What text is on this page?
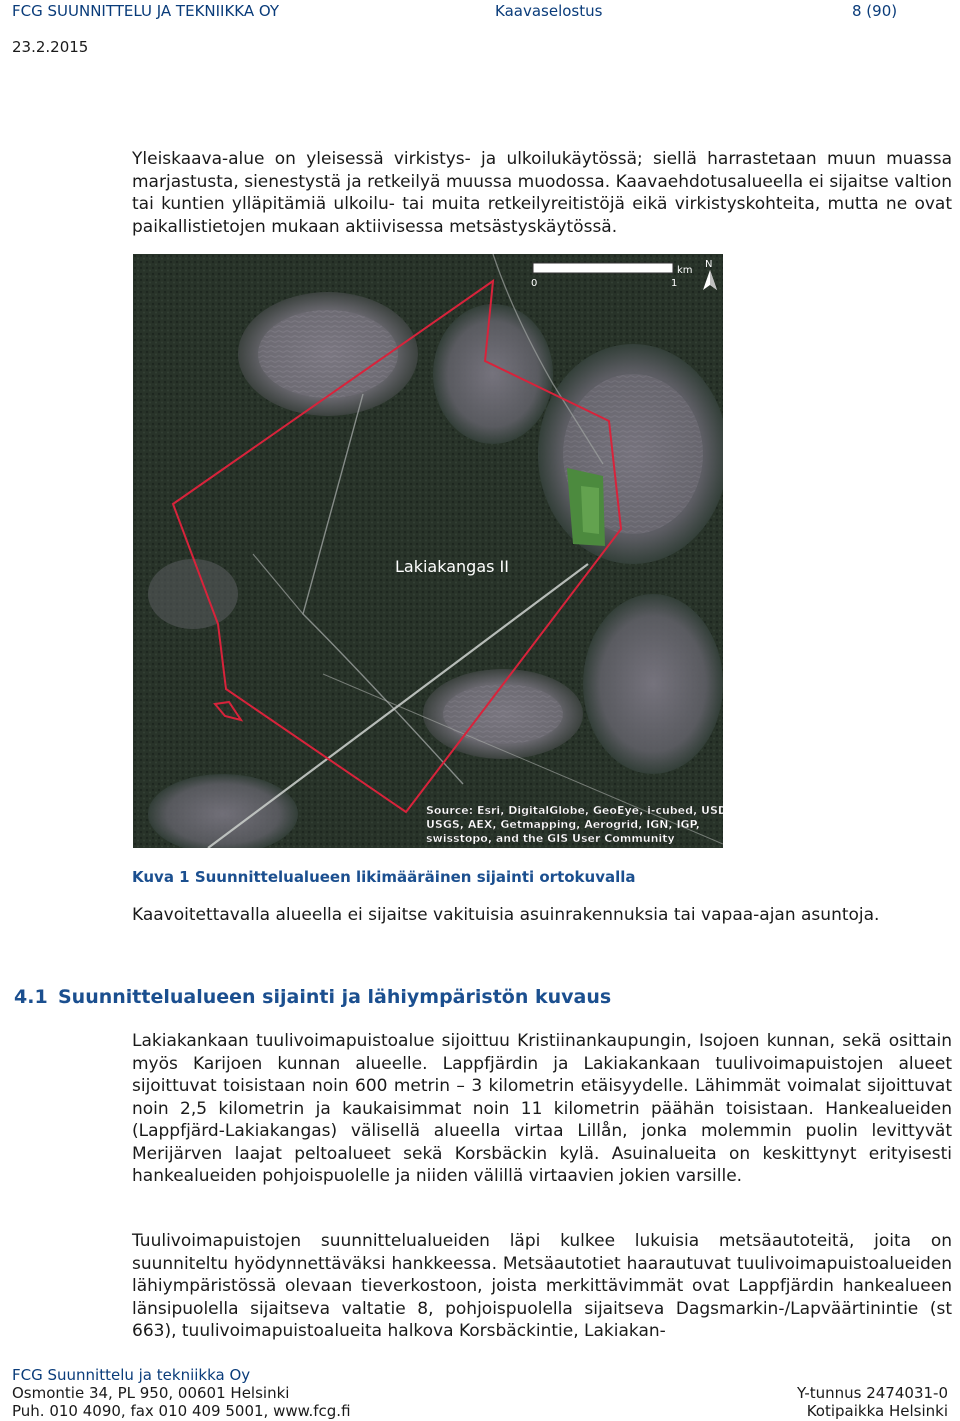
FCG SUUNNITTELU JA TEKNIIKKA OY	Kaavaselostus	8 (90)
23.2.2015

Yleiskaava-alue on yleisessä virkistys- ja ulkoilukäytössä; siellä harrastetaan muun muassa marjastusta, sienestystä ja retkeilyä muussa muodossa. Kaavaehdotusalueella ei sijaitse valtion tai kuntien ylläpitämiä ulkoilu- tai muita retkeilyreitistöjä eikä virkistyskohteita, mutta ne ovat paikallistietojen mukaan aktiivisessa metsästyskäytössä.

Lakiakangas II
km
0	1
N
Source: Esri, DigitalGlobe, GeoEye, i-cubed, USDA,
USGS, AEX, Getmapping, Aerogrid, IGN, IGP,
swisstopo, and the GIS User Community
Kuva 1 Suunnittelualueen likimääräinen sijainti ortokuvalla

Kaavoitettavalla alueella ei sijaitse vakituisia asuinrakennuksia tai vapaa-ajan asuntoja.

4.1 Suunnittelualueen sijainti ja lähiympäristön kuvaus

Lakiakankaan tuulivoimapuistoalue sijoittuu Kristiinankaupungin, Isojoen kunnan, sekä osittain myös Karijoen kunnan alueelle. Lappfjärdin ja Lakiakankaan tuulivoimapuistojen alueet sijoittuvat toisistaan noin 600 metrin – 3 kilometrin etäisyydelle. Lähimmät voimalat sijoittuvat noin 2,5 kilometrin ja kaukaisimmat noin 11 kilometrin päähän toisistaan. Hankealueiden (Lappfjärd-Lakiakangas) välisellä alueella virtaa Lillån, jonka molemmin puolin levittyvät Merijärven laajat peltoalueet sekä Korsbäckin kylä. Asuinalueita on keskittynyt erityisesti hankealueiden pohjoispuolelle ja niiden välillä virtaavien jokien varsille.

Tuulivoimapuistojen suunnittelualueiden läpi kulkee lukuisia metsäautoteitä, joita on suunniteltu hyödynnettäväksi hankkeessa. Metsäautotiet haarautuvat tuulivoimapuistoalueiden lähiympäristössä olevaan tieverkostoon, joista merkittävimmät ovat Lappfjärdin hankealueen länsipuolella sijaitseva valtatie 8, pohjoispuolella sijaitseva Dagsmarkin-/Lapväärtinintie (st 663), tuulivoimapuistoalueita halkova Korsbäckintie, Lakiakan-

FCG Suunnittelu ja tekniikka Oy
Osmontie 34, PL 950, 00601 Helsinki
Puh. 010 4090, fax 010 409 5001, www.fcg.fi
Y-tunnus 2474031-0
Kotipaikka Helsinki
